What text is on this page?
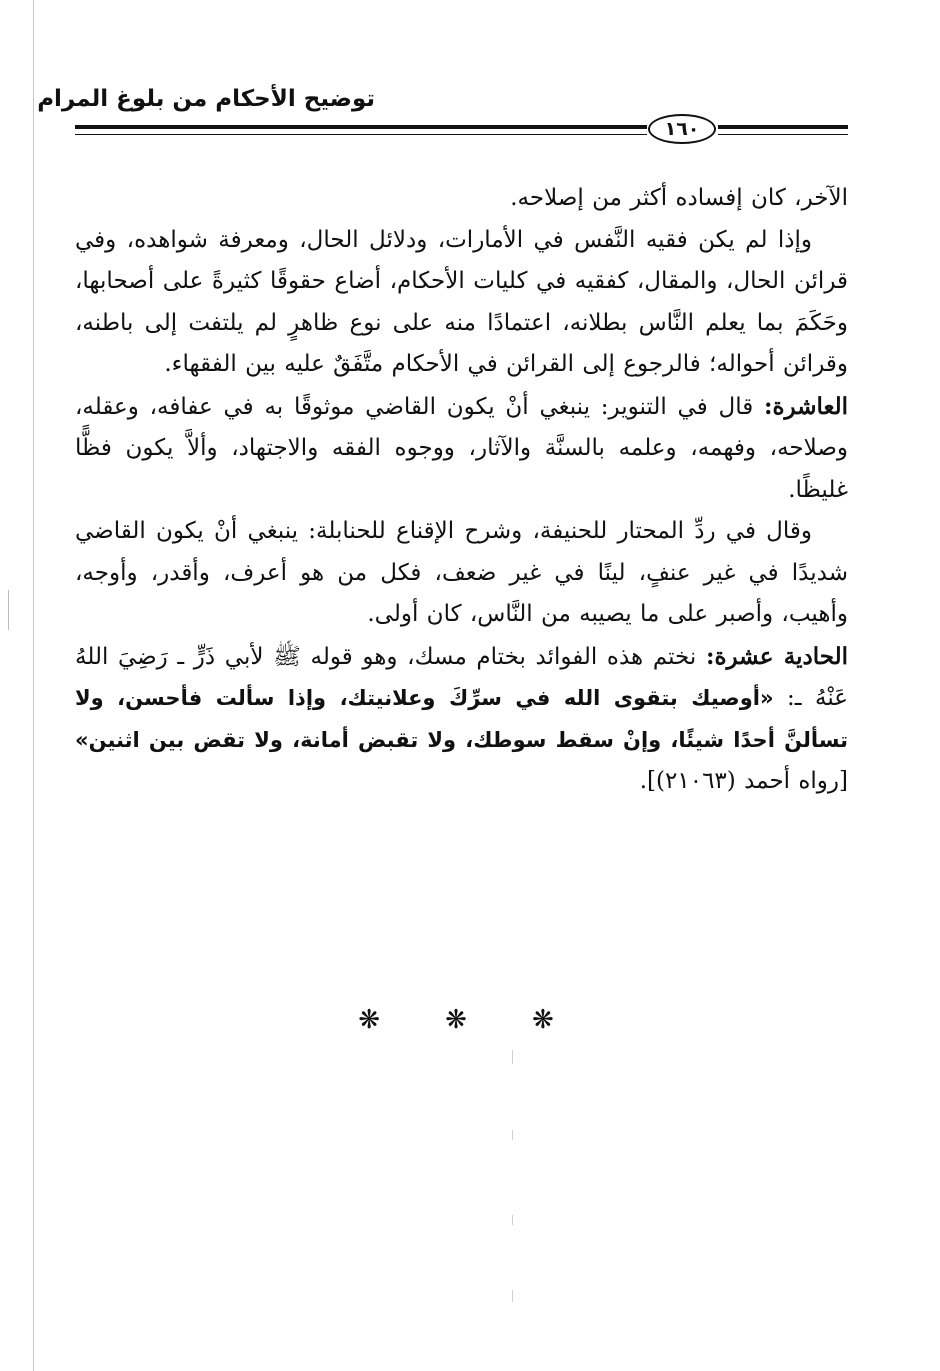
توضيح الأحكام من بلوغ المرام
١٦٠

الآخر، كان إفساده أكثر من إصلاحه.

وإذا لم يكن فقيه النَّفس في الأمارات، ودلائل الحال، ومعرفة شواهده، وفي قرائن الحال، والمقال، كفقيه في كليات الأحكام، أضاع حقوقًا كثيرةً على أصحابها، وحَكَمَ بما يعلم النَّاس بطلانه، اعتمادًا منه على نوع ظاهرٍ لم يلتفت إلى باطنه، وقرائن أحواله؛ فالرجوع إلى القرائن في الأحكام متَّفَقٌ عليه بين الفقهاء.

العاشرة: قال في التنوير: ينبغي أنْ يكون القاضي موثوقًا به في عفافه، وعقله، وصلاحه، وفهمه، وعلمه بالسنَّة والآثار، ووجوه الفقه والاجتهاد، وألاَّ يكون فظًّا غليظًا.

وقال في ردِّ المحتار للحنيفة، وشرح الإقناع للحنابلة: ينبغي أنْ يكون القاضي شديدًا في غير عنفٍ، لينًا في غير ضعف، فكل من هو أعرف، وأقدر، وأوجه، وأهيب، وأصبر على ما يصيبه من النَّاس، كان أولى.

الحادية عشرة: نختم هذه الفوائد بختام مسك، وهو قوله ﷺ لأبي ذَرٍّ ـ رَضِيَ اللهُ عَنْهُ ـ: «أوصيك بتقوى الله في سرِّكَ وعلانيتك، وإذا سألت فأحسن، ولا تسألنَّ أحدًا شيئًا، وإنْ سقط سوطك، ولا تقبض أمانة، ولا تقض بين اثنين» [رواه أحمد (٢١٠٦٣)].

❋ ❋ ❋
